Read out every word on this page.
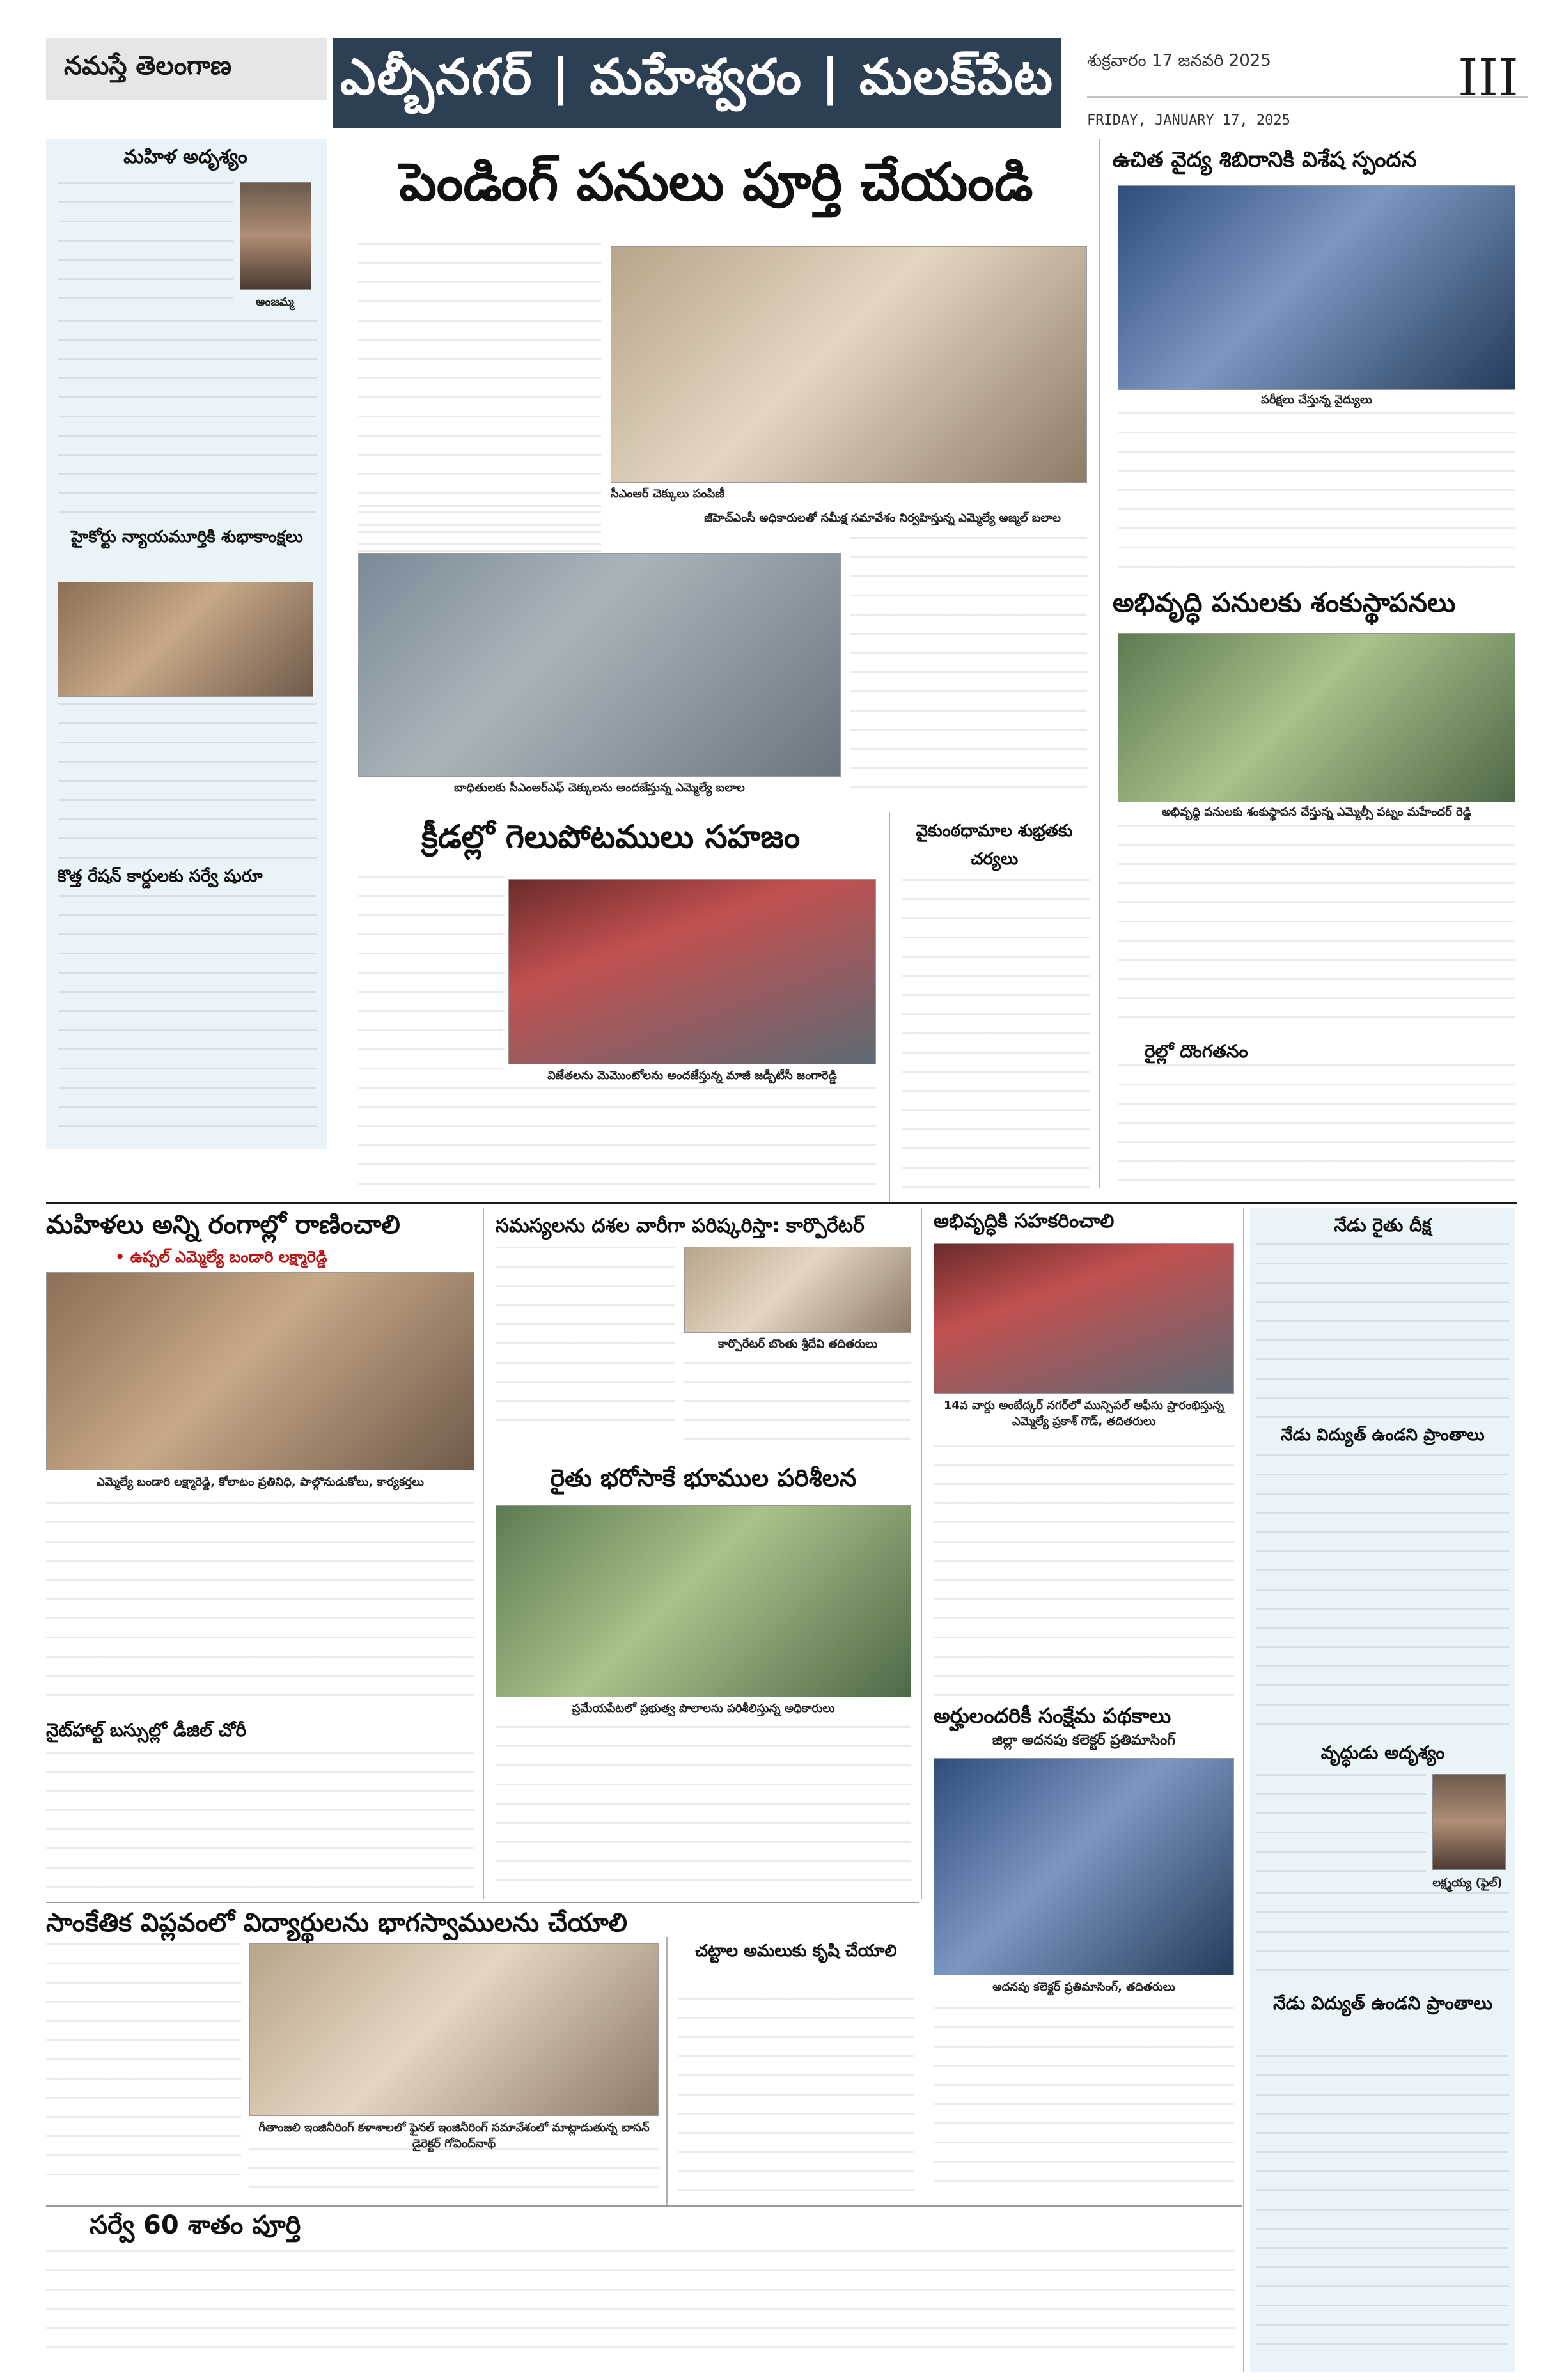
నమస్తే తెలంగాణ	ఎల్బీనగర్ | మహేశ్వరం | మలక్‌పేట	శుక్రవారం 17 జనవరి 2025
FRIDAY, JANUARY 17, 2025
III
మహిళ అదృశ్యం
అంజమ్మ
హైకోర్టు న్యాయమూర్తికి శుభాకాంక్షలు
కొత్త రేషన్ కార్డులకు సర్వే షురూ
పెండింగ్ పనులు పూర్తి చేయండి
సీఎంఆర్ చెక్కులు పంపిణీ
జీహెచ్‌ఎంసీ అధికారులతో సమీక్ష సమావేశం నిర్వహిస్తున్న ఎమ్మెల్యే అజ్మల్ బలాల
బాధితులకు సీఎంఆర్ఎఫ్ చెక్కులను అందజేస్తున్న ఎమ్మెల్యే బలాల
ఉచిత వైద్య శిబిరానికి విశేష స్పందన
పరీక్షలు చేస్తున్న వైద్యులు
అభివృద్ధి పనులకు శంకుస్థాపనలు
అభివృద్ధి పనులకు శంకుస్థాపన చేస్తున్న ఎమ్మెల్సీ పట్నం మహేందర్ రెడ్డి
రైల్లో దొంగతనం
క్రీడల్లో గెలుపోటములు సహజం
విజేతలను మెమొంటోలను అందజేస్తున్న మాజీ జడ్పీటీసీ జంగారెడ్డి
వైకుంఠధామాల శుభ్రతకు చర్యలు
మహిళలు అన్ని రంగాల్లో రాణించాలి
• ఉప్పల్ ఎమ్మెల్యే బండారి లక్ష్మారెడ్డి
ఎమ్మెల్యే బండారి లక్ష్మారెడ్డి, కోలాటం ప్రతినిధి, పాల్గొనుడుకోలు, కార్యకర్తలు
నైట్‌హాల్ట్ బస్సుల్లో డీజిల్ చోరీ
సమస్యలను దశల వారీగా పరిష్కరిస్తా: కార్పొరేటర్
కార్పొరేటర్ బొంతు శ్రీదేవి తదితరులు
రైతు భరోసాకే భూముల పరిశీలన
ప్రమేయపేటలో ప్రభుత్వ పొలాలను పరిశీలిస్తున్న అధికారులు
అభివృద్ధికి సహకరించాలి
14వ వార్డు అంబేద్కర్ నగర్‌లో మున్సిపల్ ఆఫీసు ప్రారంభిస్తున్న ఎమ్మెల్యే ప్రకాశ్ గౌడ్, తదితరులు
అర్హులందరికీ సంక్షేమ పథకాలు
జిల్లా అదనపు కలెక్టర్ ప్రతిమాసింగ్
అదనపు కలెక్టర్ ప్రతిమాసింగ్, తదితరులు
నేడు రైతు దీక్ష
నేడు విద్యుత్ ఉండని ప్రాంతాలు
వృద్ధుడు అదృశ్యం
లక్ష్మయ్య (ఫైల్)
నేడు విద్యుత్ ఉండని ప్రాంతాలు
సాంకేతిక విప్లవంలో విద్యార్థులను భాగస్వాములను చేయాలి
గీతాంజలి ఇంజినీరింగ్ కళాశాలలో ఫైనల్ ఇంజినీరింగ్ సమావేశంలో మాట్లాడుతున్న బాసన్ డైరెక్టర్ గోవింద్‌నాథ్
చట్టాల అమలుకు కృషి చేయాలి
సర్వే 60 శాతం పూర్తి
